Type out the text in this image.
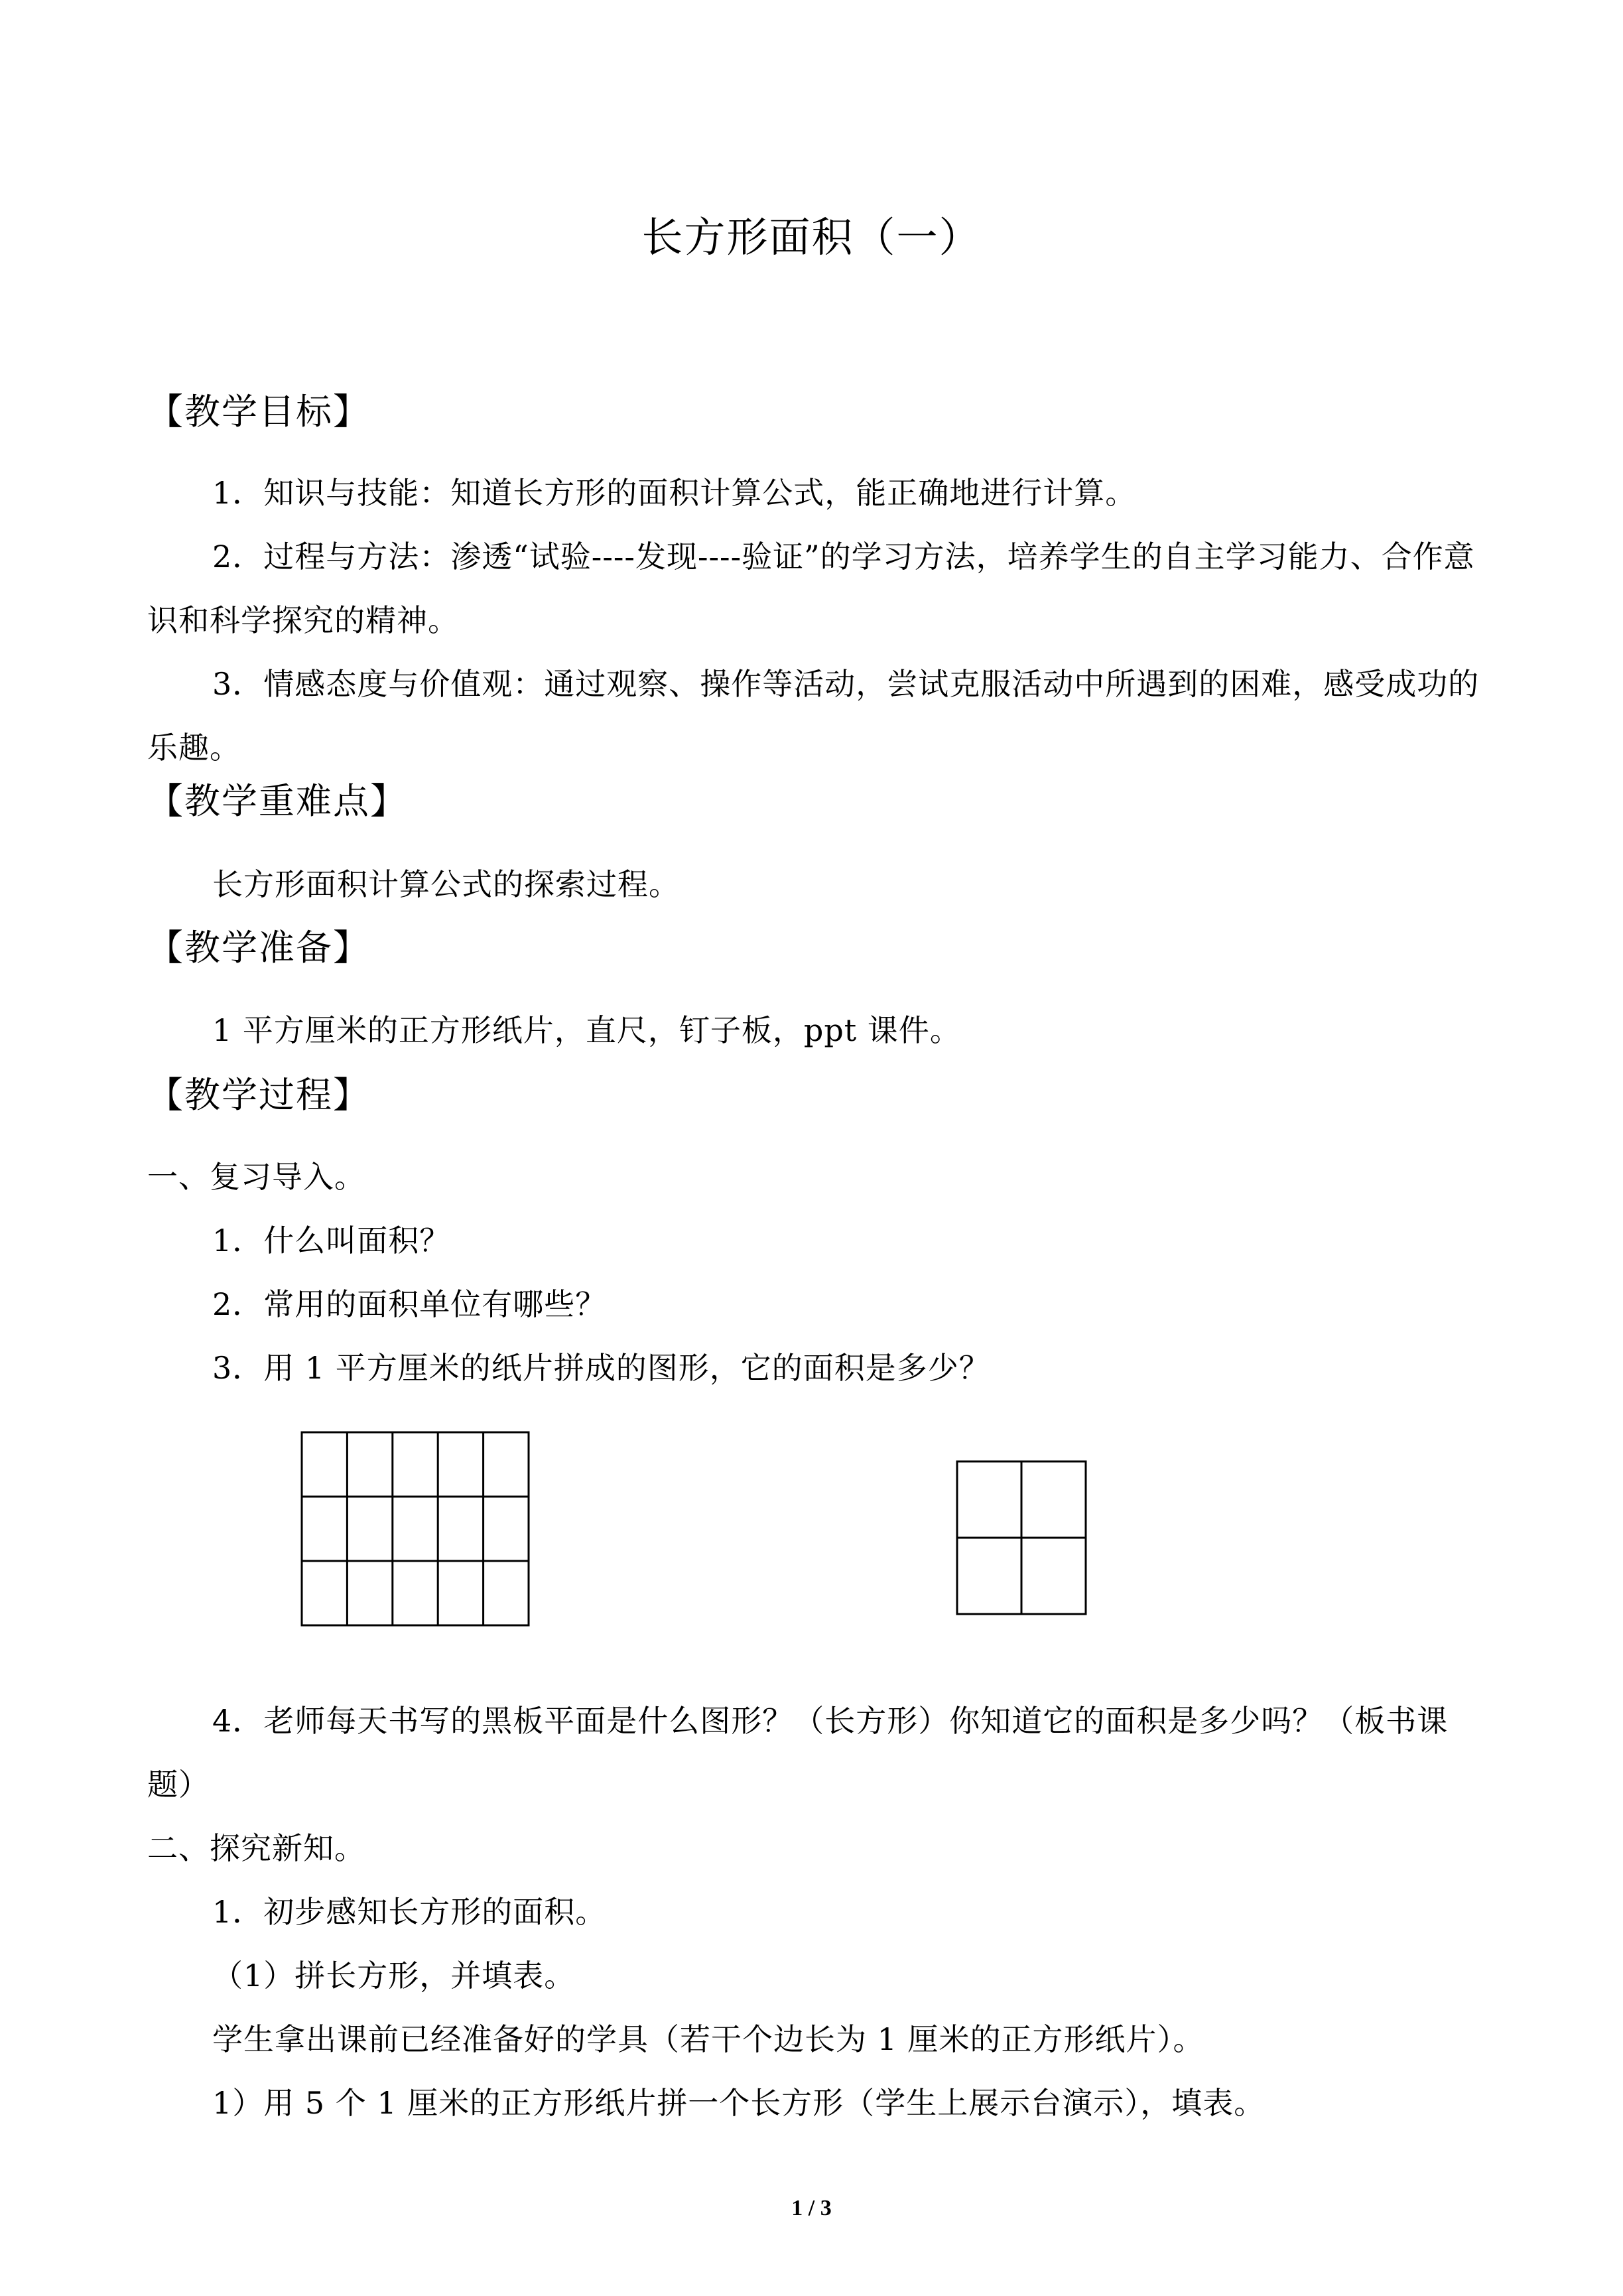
长方形面积（一）
【教学目标】
1．知识与技能：知道长方形的面积计算公式，能正确地进行计算。
2．过程与方法：渗透“试验----发现----验证”的学习方法，培养学生的自主学习能力、合作意识和科学探究的精神。
3．情感态度与价值观：通过观察、操作等活动，尝试克服活动中所遇到的困难，感受成功的乐趣。
【教学重难点】
长方形面积计算公式的探索过程。
【教学准备】
1 平方厘米的正方形纸片，直尺，钉子板，ppt 课件。
【教学过程】
一、复习导入。
1．什么叫面积？
2．常用的面积单位有哪些？
3．用 1 平方厘米的纸片拼成的图形，它的面积是多少？
4．老师每天书写的黑板平面是什么图形？（长方形）你知道它的面积是多少吗？（板书课题）
二、探究新知。
1．初步感知长方形的面积。
（1）拼长方形，并填表。
学生拿出课前已经准备好的学具（若干个边长为 1 厘米的正方形纸片）。
1）用 5 个 1 厘米的正方形纸片拼一个长方形（学生上展示台演示），填表。
1 / 3
